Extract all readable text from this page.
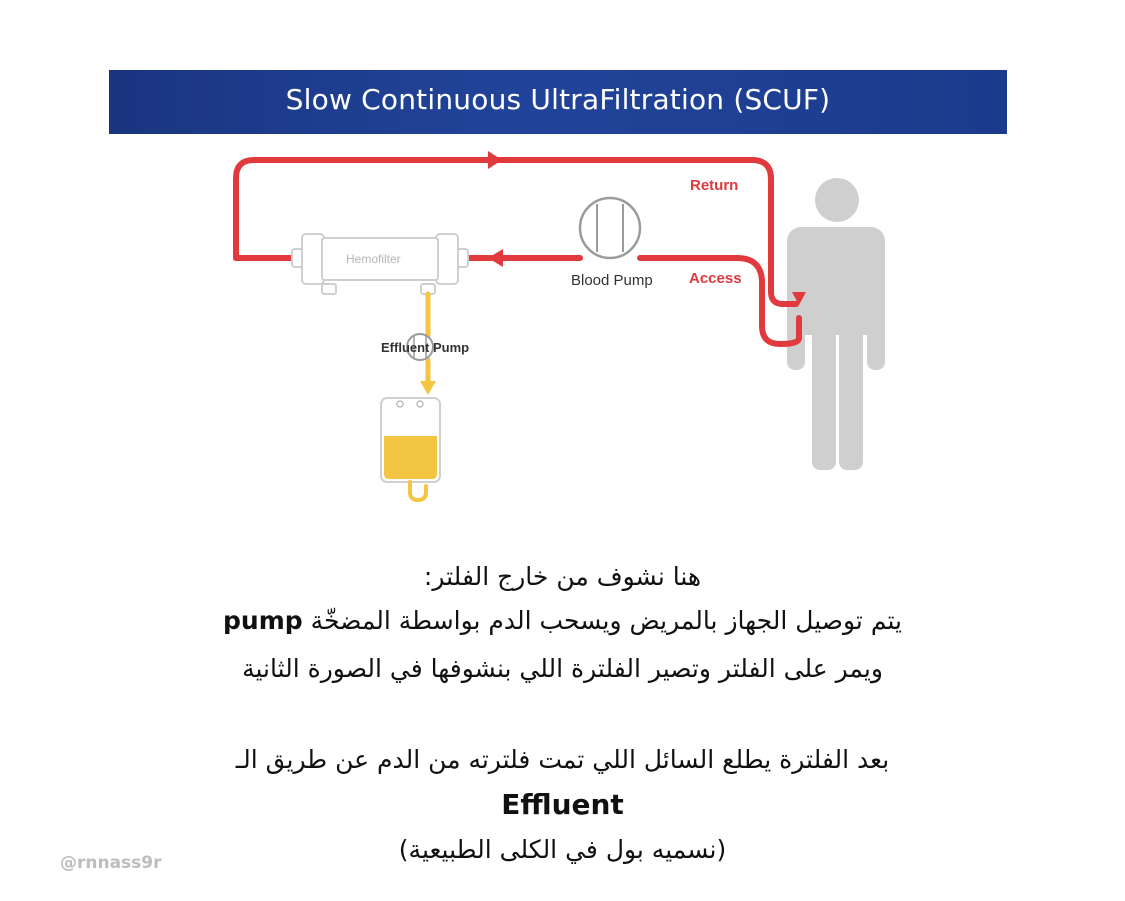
Slow Continuous UltraFiltration (SCUF)
Return
Access
Hemofilter
Blood Pump
Effluent Pump
هنا نشوف من خارج الفلتر:
يتم توصيل الجهاز بالمريض ويسحب الدم بواسطة المضخّة pump
ويمر على الفلتر وتصير الفلترة اللي بنشوفها في الصورة الثانية
بعد الفلترة يطلع السائل اللي تمت فلترته من الدم عن طريق الـ
Effluent
(نسميه بول في الكلى الطبيعية)
@rnnass9r
